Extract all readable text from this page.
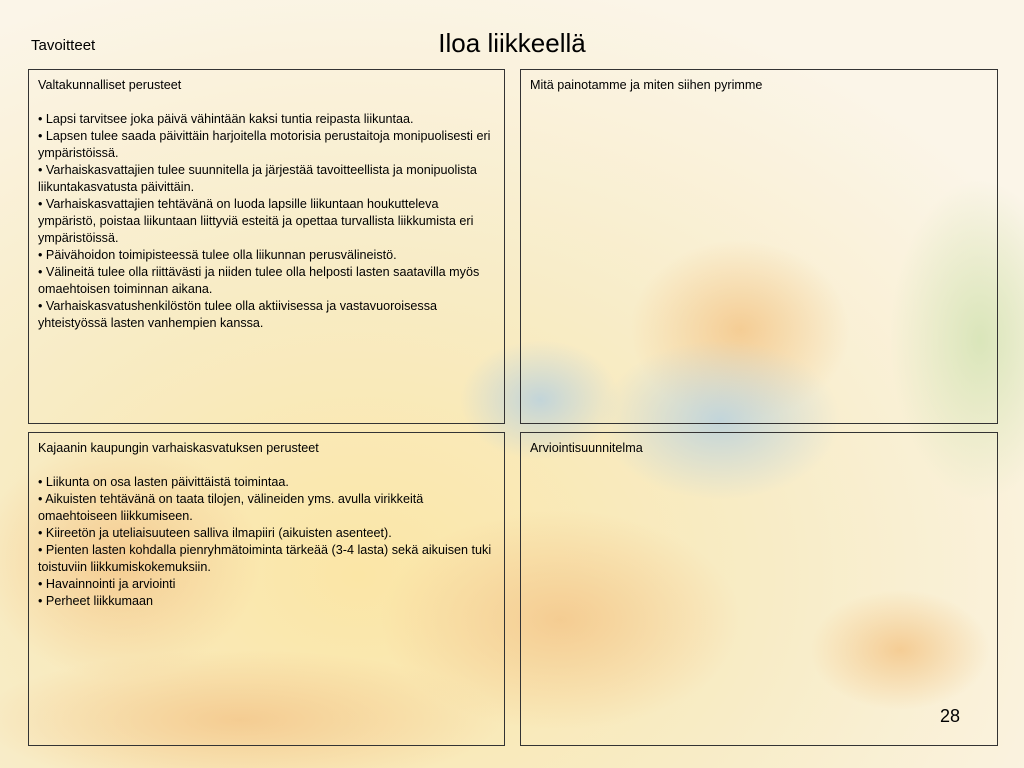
Tavoitteet	Iloa liikkeellä
Valtakunnalliset perusteet
• Lapsi tarvitsee joka päivä vähintään kaksi tuntia reipasta liikuntaa.
• Lapsen tulee saada päivittäin harjoitella motorisia perustaitoja monipuolisesti eri ympäristöissä.
• Varhaiskasvattajien tulee suunnitella ja järjestää tavoitteellista ja monipuolista liikuntakasvatusta päivittäin.
• Varhaiskasvattajien tehtävänä on luoda lapsille liikuntaan houkutteleva ympäristö, poistaa liikuntaan liittyviä esteitä ja opettaa turvallista liikkumista eri ympäristöissä.
• Päivähoidon toimipisteessä tulee olla liikunnan perusvälineistö.
• Välineitä tulee olla riittävästi ja niiden tulee olla helposti lasten saatavilla myös omaehtoisen toiminnan aikana.
• Varhaiskasvatushenkilöstön tulee olla aktiivisessa ja vastavuoroisessa yhteistyössä lasten vanhempien kanssa.
Mitä painotamme ja miten siihen pyrimme
Kajaanin kaupungin varhaiskasvatuksen perusteet
• Liikunta on osa lasten päivittäistä toimintaa.
• Aikuisten tehtävänä on taata tilojen, välineiden yms. avulla virikkeitä omaehtoiseen liikkumiseen.
• Kiireetön ja uteliaisuuteen salliva ilmapiiri (aikuisten asenteet).
• Pienten lasten kohdalla pienryhmätoiminta tärkeää (3-4 lasta) sekä aikuisen tuki toistuviin liikkumiskokemuksiin.
• Havainnointi ja arviointi
• Perheet liikkumaan
Arviointisuunnitelma
28
